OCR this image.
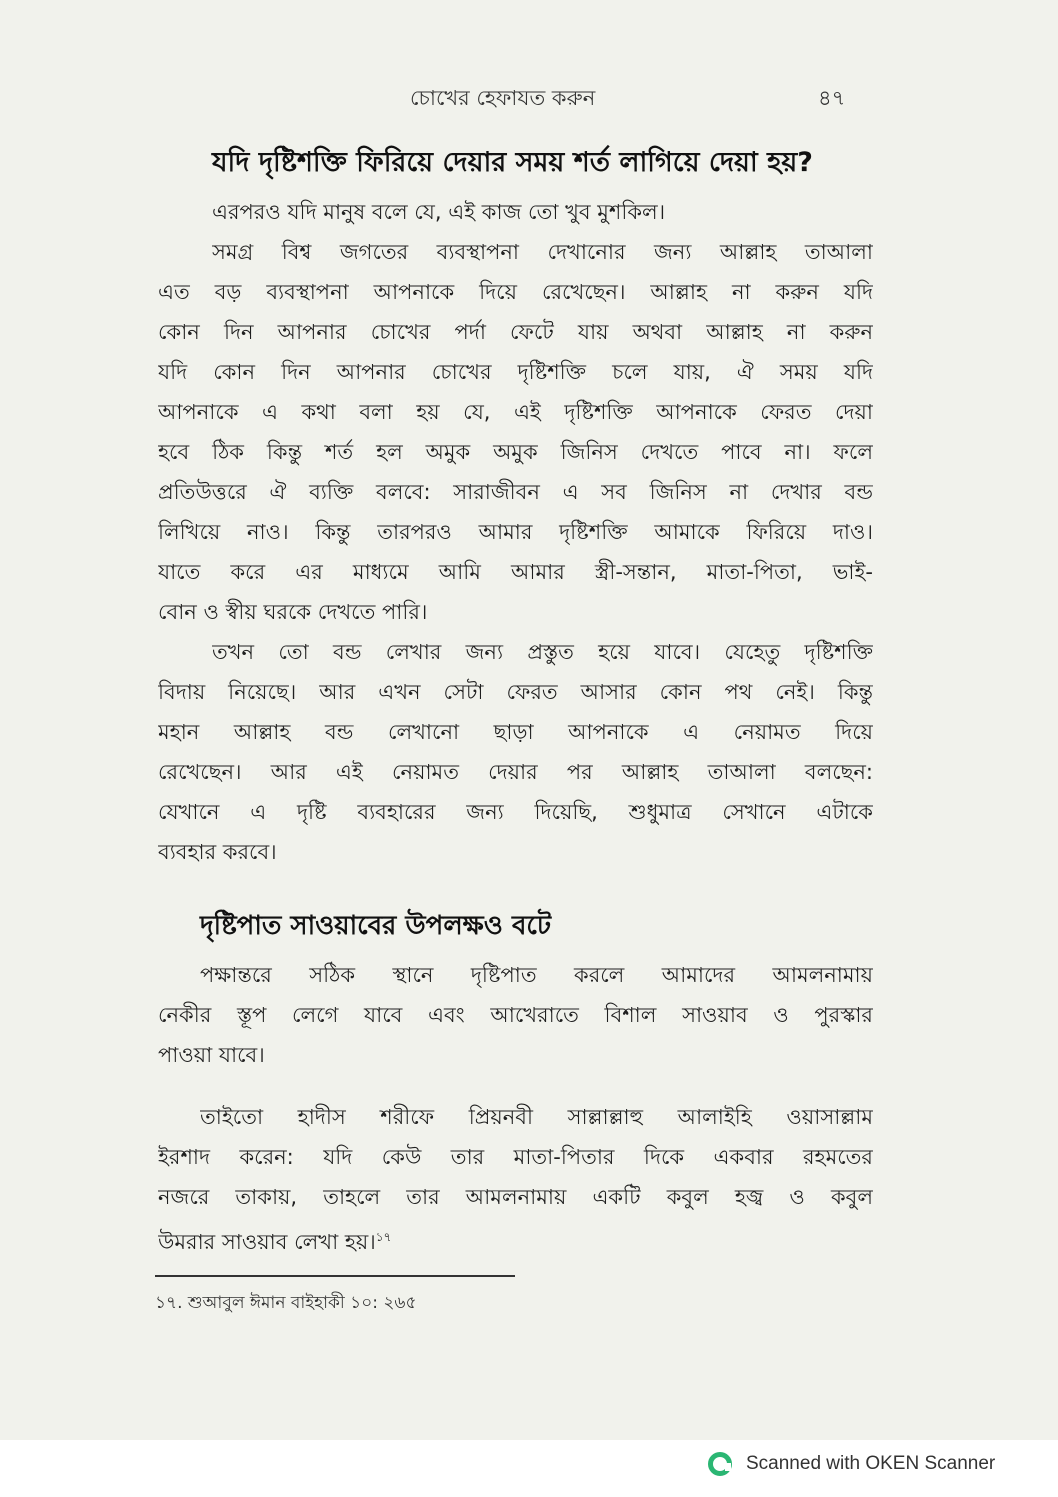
চোখের হেফাযত করুন	৪৭
যদি দৃষ্টিশক্তি ফিরিয়ে দেয়ার সময় শর্ত লাগিয়ে দেয়া হয়?
এরপরও যদি মানুষ বলে যে, এই কাজ তো খুব মুশকিল।
সমগ্র বিশ্ব জগতের ব্যবস্থাপনা দেখানোর জন্য আল্লাহ তাআলা
এত বড় ব্যবস্থাপনা আপনাকে দিয়ে রেখেছেন। আল্লাহ না করুন যদি
কোন দিন আপনার চোখের পর্দা ফেটে যায় অথবা আল্লাহ না করুন
যদি কোন দিন আপনার চোখের দৃষ্টিশক্তি চলে যায়, ঐ সময় যদি
আপনাকে এ কথা বলা হয় যে, এই দৃষ্টিশক্তি আপনাকে ফেরত দেয়া
হবে ঠিক কিন্তু শর্ত হল অমুক অমুক জিনিস দেখতে পাবে না। ফলে
প্রতিউত্তরে ঐ ব্যক্তি বলবে: সারাজীবন এ সব জিনিস না দেখার বন্ড
লিখিয়ে নাও। কিন্তু তারপরও আমার দৃষ্টিশক্তি আমাকে ফিরিয়ে দাও।
যাতে করে এর মাধ্যমে আমি আমার স্ত্রী-সন্তান, মাতা-পিতা, ভাই-
বোন ও স্বীয় ঘরকে দেখতে পারি।
তখন তো বন্ড লেখার জন্য প্রস্তুত হয়ে যাবে। যেহেতু দৃষ্টিশক্তি
বিদায় নিয়েছে। আর এখন সেটা ফেরত আসার কোন পথ নেই। কিন্তু
মহান আল্লাহ বন্ড লেখানো ছাড়া আপনাকে এ নেয়ামত দিয়ে
রেখেছেন। আর এই নেয়ামত দেয়ার পর আল্লাহ তাআলা বলছেন:
যেখানে এ দৃষ্টি ব্যবহারের জন্য দিয়েছি, শুধুমাত্র সেখানে এটাকে
ব্যবহার করবে।
দৃষ্টিপাত সাওয়াবের উপলক্ষও বটে
পক্ষান্তরে সঠিক স্থানে দৃষ্টিপাত করলে আমাদের আমলনামায়
নেকীর স্তূপ লেগে যাবে এবং আখেরাতে বিশাল সাওয়াব ও পুরস্কার
পাওয়া যাবে।
তাইতো হাদীস শরীফে প্রিয়নবী সাল্লাল্লাহু আলাইহি ওয়াসাল্লাম
ইরশাদ করেন: যদি কেউ তার মাতা-পিতার দিকে একবার রহমতের
নজরে তাকায়, তাহলে তার আমলনামায় একটি কবুল হজ্ব ও কবুল
উমরার সাওয়াব লেখা হয়।$^{১৭}$
১৭. শুআবুল ঈমান বাইহাকী ১০: ২৬৫
Scanned with OKEN Scanner
